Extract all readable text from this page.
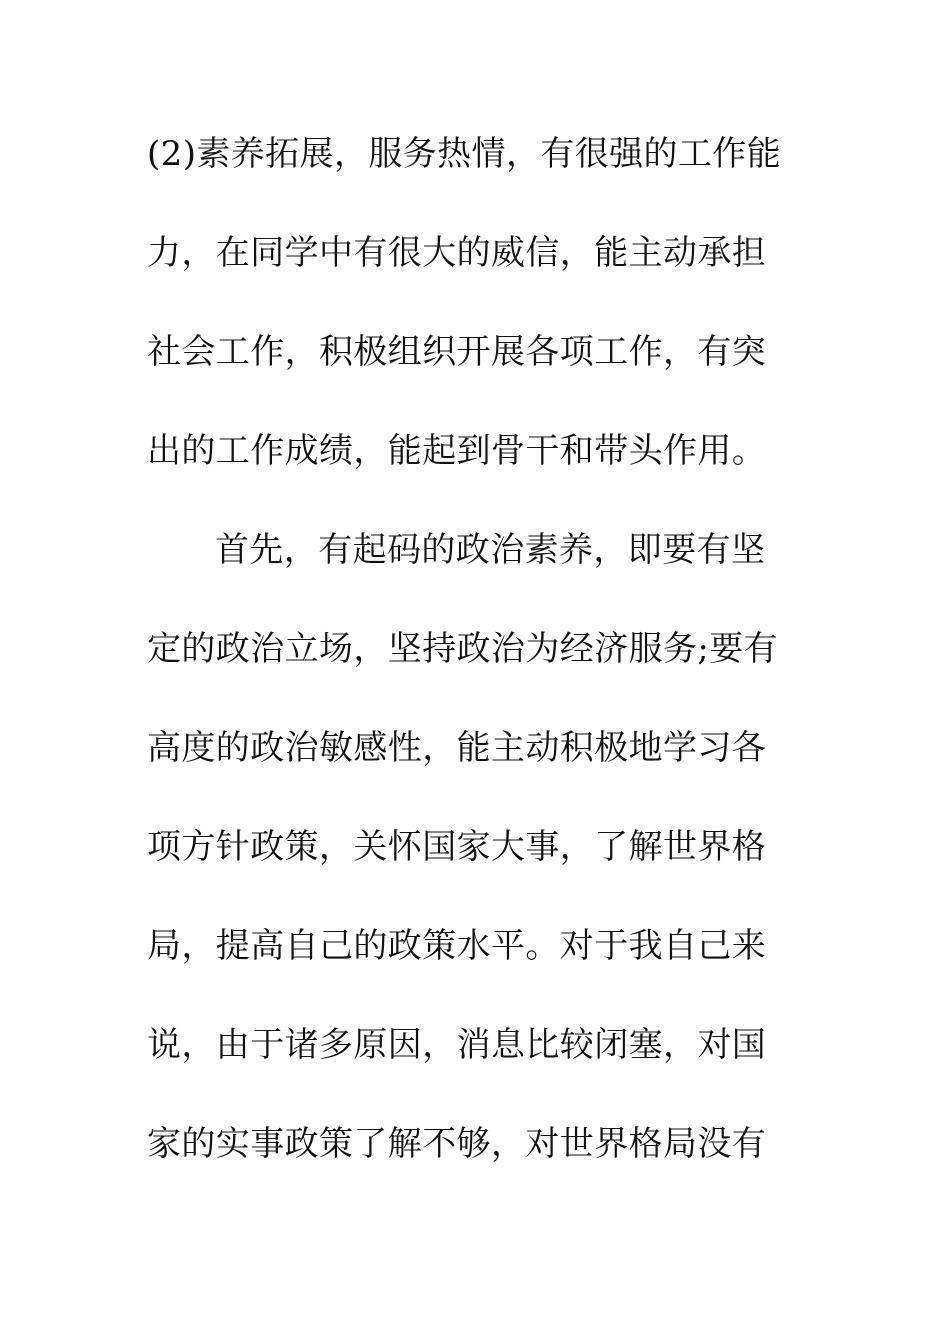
(2)素养拓展，服务热情，有很强的工作能
力，在同学中有很大的威信，能主动承担
社会工作，积极组织开展各项工作，有突
出的工作成绩，能起到骨干和带头作用。
首先，有起码的政治素养，即要有坚
定的政治立场，坚持政治为经济服务;要有
高度的政治敏感性，能主动积极地学习各
项方针政策，关怀国家大事，了解世界格
局，提高自己的政策水平。对于我自己来
说，由于诸多原因，消息比较闭塞，对国
家的实事政策了解不够，对世界格局没有
